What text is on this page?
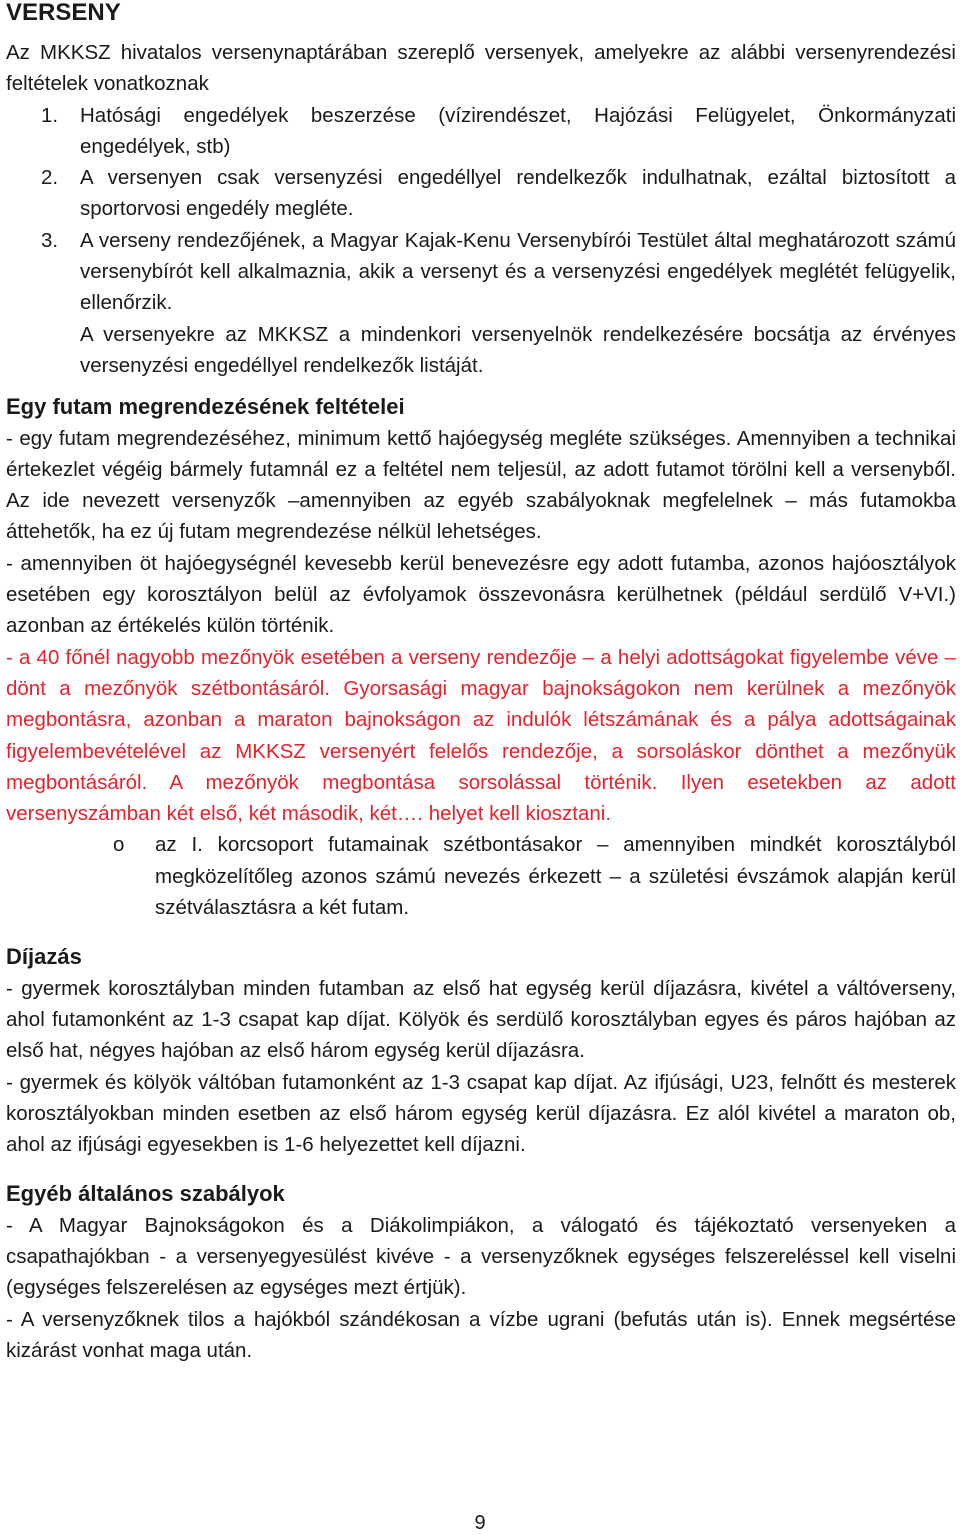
VERSENY

Az MKKSZ hivatalos versenynaptárában szereplő versenyek, amelyekre az alábbi versenyrendezési feltételek vonatkoznak

1.	Hatósági engedélyek beszerzése (vízirendészet, Hajózási Felügyelet, Önkormányzati engedélyek, stb)
2.	A versenyen csak versenyzési engedéllyel rendelkezők indulhatnak, ezáltal biztosított a sportorvosi engedély megléte.
3.	A verseny rendezőjének, a Magyar Kajak-Kenu Versenybírói Testület által meghatározott számú versenybírót kell alkalmaznia, akik a versenyt és a versenyzési engedélyek meglétét felügyelik, ellenőrzik.

A versenyekre az MKKSZ a mindenkori versenyelnök rendelkezésére bocsátja az érvényes versenyzési engedéllyel rendelkezők listáját.

Egy futam megrendezésének feltételei

- egy futam megrendezéséhez, minimum kettő hajóegység megléte szükséges. Amennyiben a technikai értekezlet végéig bármely futamnál ez a feltétel nem teljesül, az adott futamot törölni kell a versenyből. Az ide nevezett versenyzők –amennyiben az egyéb szabályoknak megfelelnek – más futamokba áttehetők, ha ez új futam megrendezése nélkül lehetséges.

- amennyiben öt hajóegységnél kevesebb kerül benevezésre egy adott futamba, azonos hajóosztályok esetében egy korosztályon belül az évfolyamok összevonásra kerülhetnek (például serdülő V+VI.) azonban az értékelés külön történik.

- a 40 főnél nagyobb mezőnyök esetében a verseny rendezője – a helyi adottságokat figyelembe véve – dönt a mezőnyök szétbontásáról. Gyorsasági magyar bajnokságokon nem kerülnek a mezőnyök megbontásra, azonban a maraton bajnokságon az indulók létszámának és a pálya adottságainak figyelembevételével az MKKSZ versenyért felelős rendezője, a sorsoláskor dönthet a mezőnyük megbontásáról. A mezőnyök megbontása sorsolással történik. Ilyen esetekben az adott versenyszámban két első, két második, két…. helyet kell kiosztani.

o	az I. korcsoport futamainak szétbontásakor – amennyiben mindkét korosztályból megközelítőleg azonos számú nevezés érkezett – a születési évszámok alapján kerül szétválasztásra a két futam.
Díjazás

- gyermek korosztályban minden futamban az első hat egység kerül díjazásra, kivétel a váltóverseny, ahol futamonként az 1-3 csapat kap díjat. Kölyök és serdülő korosztályban egyes és páros hajóban az első hat, négyes hajóban az első három egység kerül díjazásra.

- gyermek és kölyök váltóban futamonként az 1-3 csapat kap díjat. Az ifjúsági, U23, felnőtt és mesterek korosztályokban minden esetben az első három egység kerül díjazásra. Ez alól kivétel a maraton ob, ahol az ifjúsági egyesekben is 1-6 helyezettet kell díjazni.

Egyéb általános szabályok

- A Magyar Bajnokságokon és a Diákolimpiákon, a válogató és tájékoztató versenyeken a csapathajókban - a versenyegyesülést kivéve - a versenyzőknek egységes felszereléssel kell viselni (egységes felszerelésen az egységes mezt értjük).

- A versenyzőknek tilos a hajókból szándékosan a vízbe ugrani (befutás után is). Ennek megsértése kizárást vonhat maga után.

9
